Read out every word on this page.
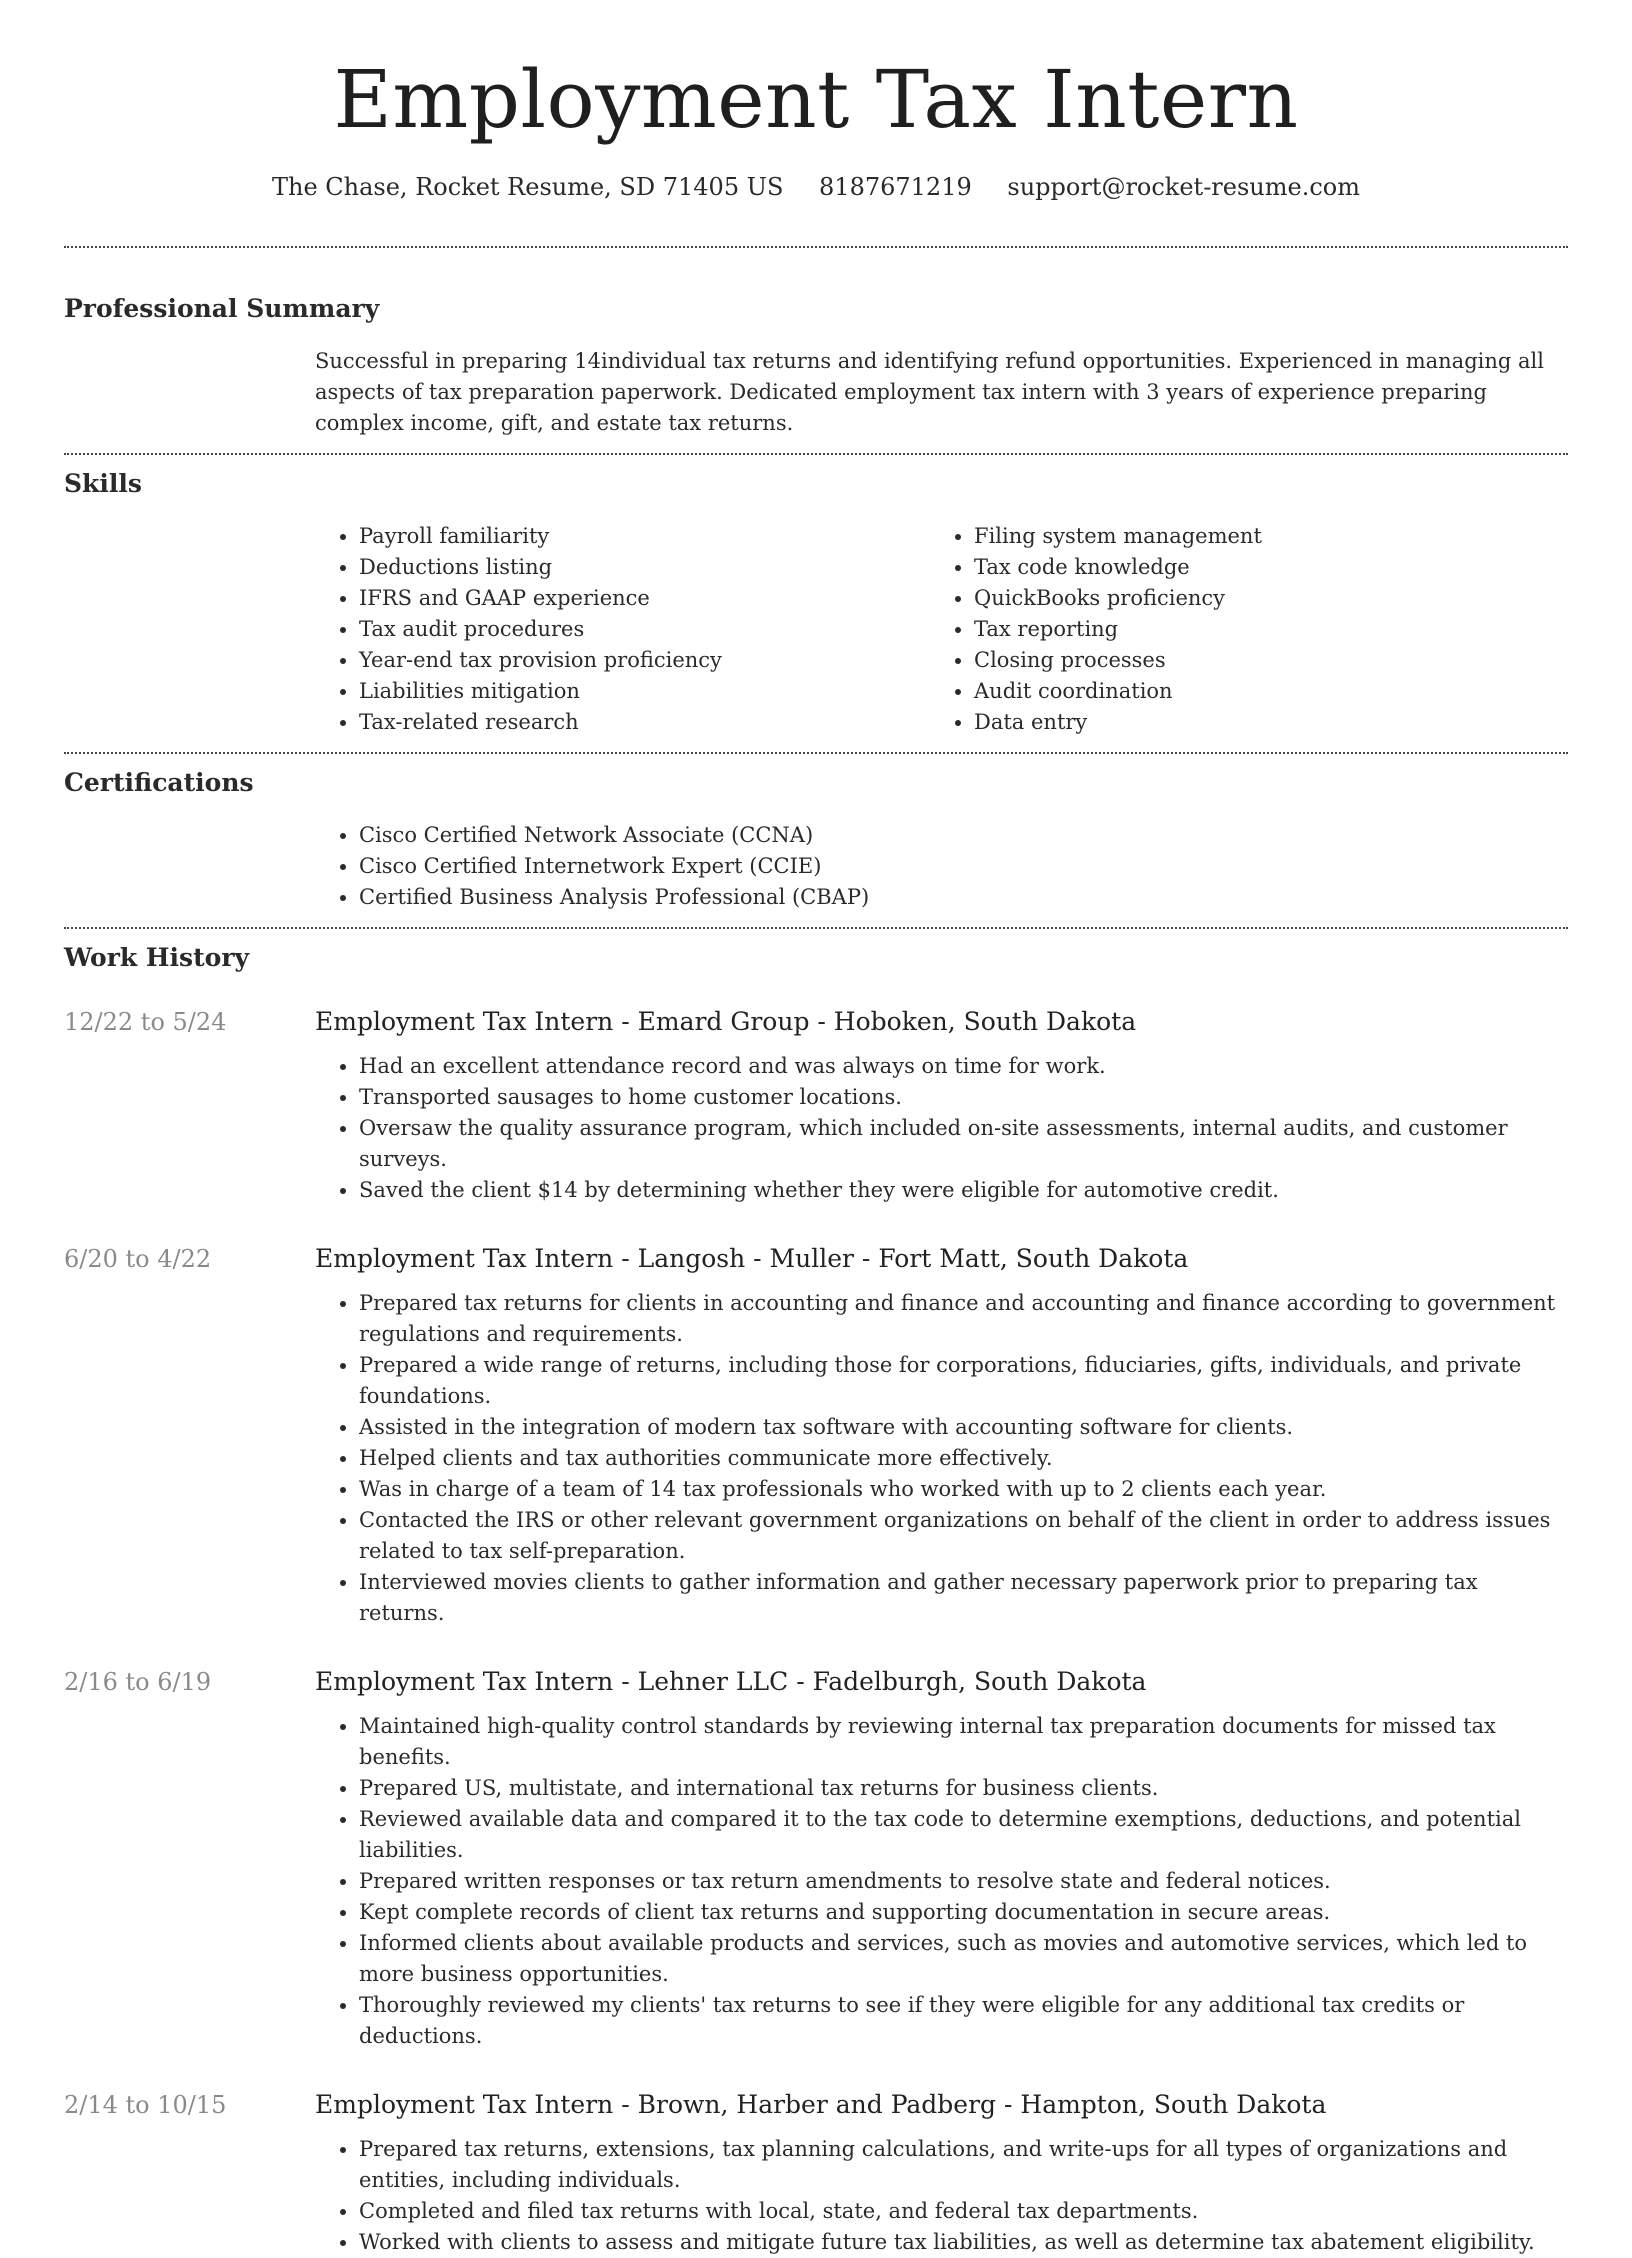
Employment Tax Intern
The Chase, Rocket Resume, SD 71405 US 8187671219 support@rocket-resume.com
Professional Summary

Successful in preparing 14individual tax returns and identifying refund opportunities. Experienced in managing all aspects of tax preparation paperwork. Dedicated employment tax intern with 3 years of experience preparing complex income, gift, and estate tax returns.

Skills
• Payroll familiarity
• Deductions listing
• IFRS and GAAP experience
• Tax audit procedures
• Year-end tax provision proficiency
• Liabilities mitigation
• Tax-related research
• Filing system management
• Tax code knowledge
• QuickBooks proficiency
• Tax reporting
• Closing processes
• Audit coordination
• Data entry
Certifications
• Cisco Certified Network Associate (CCNA)
• Cisco Certified Internetwork Expert (CCIE)
• Certified Business Analysis Professional (CBAP)
Work History
12/22 to 5/24	Employment Tax Intern - Emard Group - Hoboken, South Dakota
• Had an excellent attendance record and was always on time for work.
• Transported sausages to home customer locations.
• Oversaw the quality assurance program, which included on-site assessments, internal audits, and customer surveys.
• Saved the client $14 by determining whether they were eligible for automotive credit.
6/20 to 4/22	Employment Tax Intern - Langosh - Muller - Fort Matt, South Dakota
• Prepared tax returns for clients in accounting and finance and accounting and finance according to government regulations and requirements.
• Prepared a wide range of returns, including those for corporations, fiduciaries, gifts, individuals, and private foundations.
• Assisted in the integration of modern tax software with accounting software for clients.
• Helped clients and tax authorities communicate more effectively.
• Was in charge of a team of 14 tax professionals who worked with up to 2 clients each year.
• Contacted the IRS or other relevant government organizations on behalf of the client in order to address issues related to tax self-preparation.
• Interviewed movies clients to gather information and gather necessary paperwork prior to preparing tax returns.
2/16 to 6/19	Employment Tax Intern - Lehner LLC - Fadelburgh, South Dakota
• Maintained high-quality control standards by reviewing internal tax preparation documents for missed tax benefits.
• Prepared US, multistate, and international tax returns for business clients.
• Reviewed available data and compared it to the tax code to determine exemptions, deductions, and potential liabilities.
• Prepared written responses or tax return amendments to resolve state and federal notices.
• Kept complete records of client tax returns and supporting documentation in secure areas.
• Informed clients about available products and services, such as movies and automotive services, which led to more business opportunities.
• Thoroughly reviewed my clients' tax returns to see if they were eligible for any additional tax credits or deductions.
2/14 to 10/15	Employment Tax Intern - Brown, Harber and Padberg - Hampton, South Dakota
• Prepared tax returns, extensions, tax planning calculations, and write-ups for all types of organizations and entities, including individuals.
• Completed and filed tax returns with local, state, and federal tax departments.
• Worked with clients to assess and mitigate future tax liabilities, as well as determine tax abatement eligibility.
